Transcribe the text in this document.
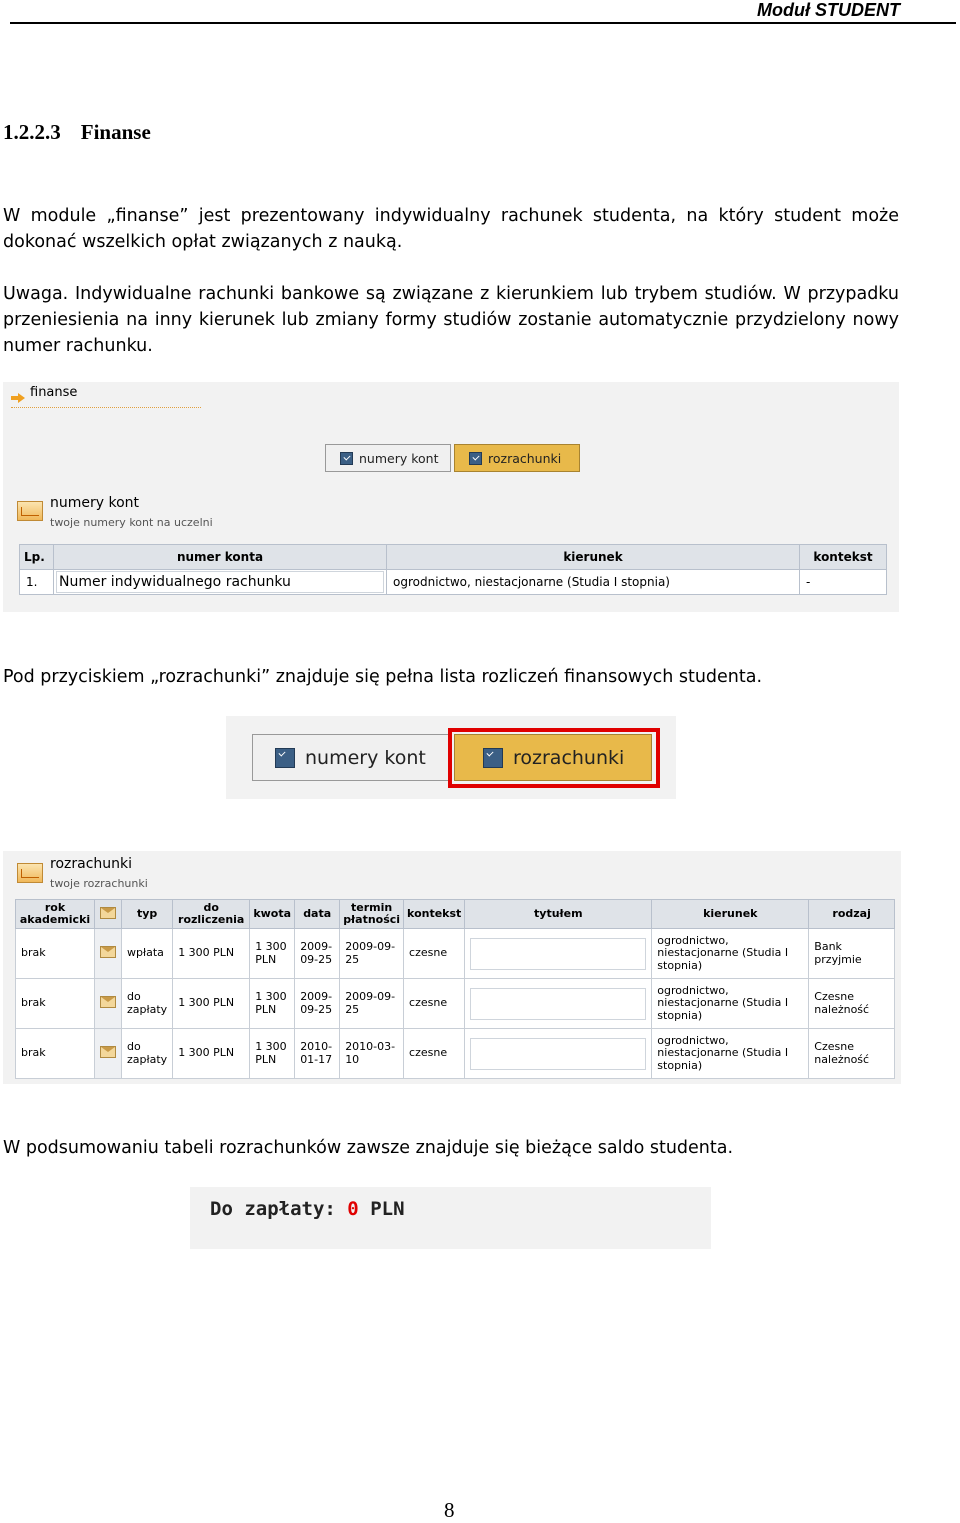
Moduł STUDENT
1.2.2.3 Finanse
W module „finanse” jest prezentowany indywidualny rachunek studenta, na który student może dokonać wszelkich opłat związanych z nauką.
Uwaga. Indywidualne rachunki bankowe są związane z kierunkiem lub trybem studiów. W przypadku przeniesienia na inny kierunek lub zmiany formy studiów zostanie automatycznie przydzielony nowy numer rachunku.
finanse
numery kont	rozrachunki
numery kont
twoje numery kont na uczelni
Lp.	numer konta	kierunek	kontekst
1.	Numer indywidualnego rachunku	ogrodnictwo, niestacjonarne (Studia I stopnia)	-
Pod przyciskiem „rozrachunki” znajduje się pełna lista rozliczeń finansowych studenta.
numery kont	rozrachunki
rozrachunki
twoje rozrachunki
rok akademicki		typ	do rozliczenia	kwota	data	termin płatności	kontekst	tytułem	kierunek	rodzaj
brak		wpłata	1 300 PLN	1 300 PLN	2009-09-25	2009-09-25	czesne		ogrodnictwo, niestacjonarne (Studia I stopnia)	Bank przyjmie
brak		do zapłaty	1 300 PLN	1 300 PLN	2009-09-25	2009-09-25	czesne		ogrodnictwo, niestacjonarne (Studia I stopnia)	Czesne należność
brak		do zapłaty	1 300 PLN	1 300 PLN	2010-01-17	2010-03-10	czesne		ogrodnictwo, niestacjonarne (Studia I stopnia)	Czesne należność
W podsumowaniu tabeli rozrachunków zawsze znajduje się bieżące saldo studenta.
Do zapłaty: 0 PLN
8
